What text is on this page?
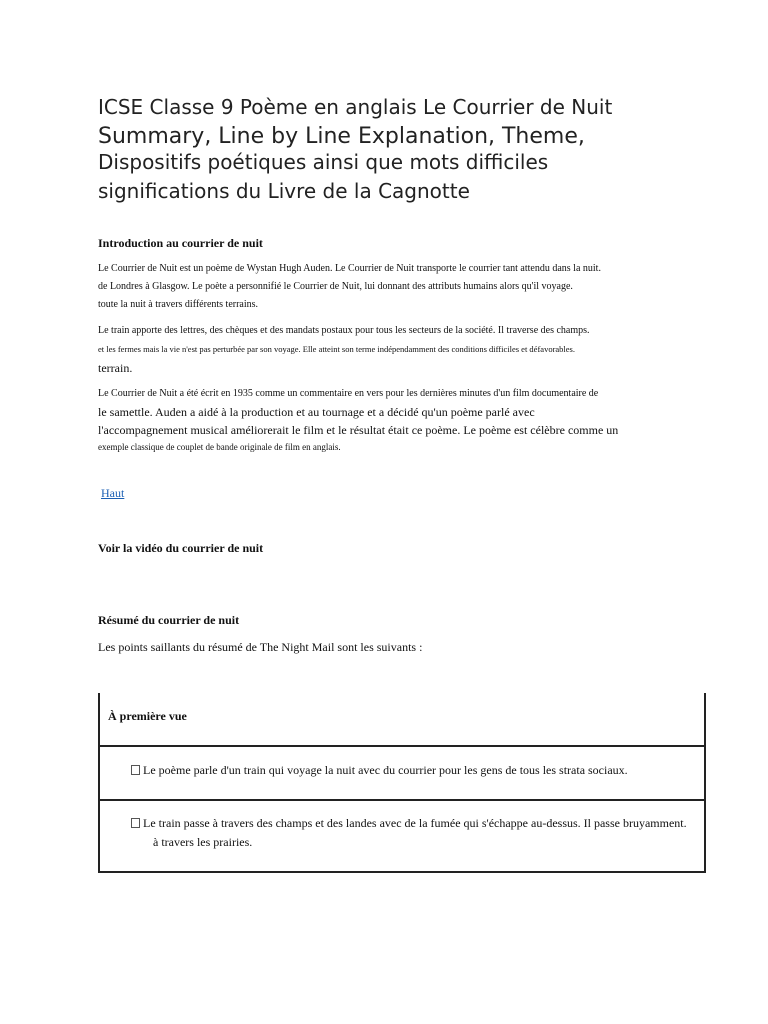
ICSE Classe 9 Poème en anglais Le Courrier de Nuit
Summary, Line by Line Explanation, Theme,
Dispositifs poétiques ainsi que mots difficiles
significations du Livre de la Cagnotte
Introduction au courrier de nuit
Le Courrier de Nuit est un poème de Wystan Hugh Auden. Le Courrier de Nuit transporte le courrier tant attendu dans la nuit.
de Londres à Glasgow. Le poète a personnifié le Courrier de Nuit, lui donnant des attributs humains alors qu'il voyage.
toute la nuit à travers différents terrains.
Le train apporte des lettres, des chèques et des mandats postaux pour tous les secteurs de la société. Il traverse des champs.
et les fermes mais la vie n'est pas perturbée par son voyage. Elle atteint son terme indépendamment des conditions difficiles et défavorables.
terrain.
Le Courrier de Nuit a été écrit en 1935 comme un commentaire en vers pour les dernières minutes d'un film documentaire de
le samettle. Auden a aidé à la production et au tournage et a décidé qu'un poème parlé avec
l'accompagnement musical améliorerait le film et le résultat était ce poème. Le poème est célèbre comme un
exemple classique de couplet de bande originale de film en anglais.
Haut
Voir la vidéo du courrier de nuit
Résumé du courrier de nuit
Les points saillants du résumé de The Night Mail sont les suivants :
À première vue
Le poème parle d'un train qui voyage la nuit avec du courrier pour les gens de tous les strata sociaux.
Le train passe à travers des champs et des landes avec de la fumée qui s'échappe au-dessus. Il passe bruyamment.
à travers les prairies.
